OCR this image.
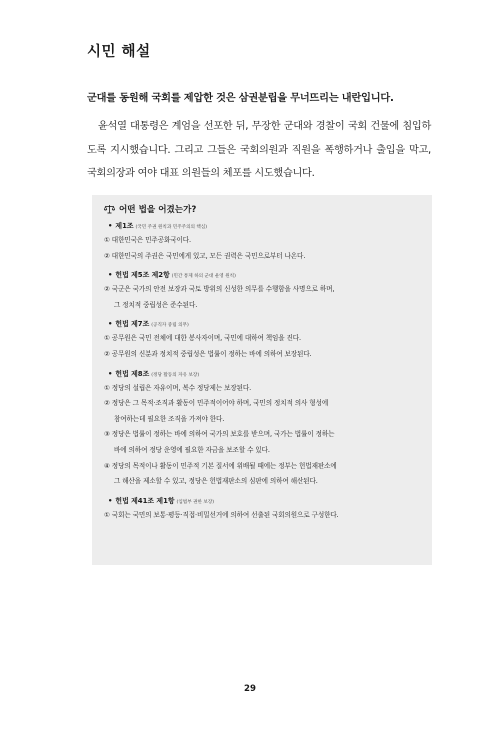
시민 해설
군대를 동원해 국회를 제압한 것은 삼권분립을 무너뜨리는 내란입니다.

윤석열 대통령은 계엄을 선포한 뒤, 무장한 군대와 경찰이 국회 건물에 침입하도록 지시했습니다. 그리고 그들은 국회의원과 직원을 폭행하거나 출입을 막고, 국회의장과 여야 대표 의원들의 체포를 시도했습니다.

어떤 법을 어겼는가?
• 제1조 (국민 주권 원칙과 민주주의의 핵심)
① 대한민국은 민주공화국이다.
② 대한민국의 주권은 국민에게 있고, 모든 권력은 국민으로부터 나온다.
• 헌법 제5조 제2항 (민간 통제 하의 군대 운영 원칙)
② 국군은 국가의 안전 보장과 국토 방위의 신성한 의무를 수행함을 사명으로 하며,
그 정치적 중립성은 준수된다.
• 헌법 제7조 (공직자 중립 의무)
① 공무원은 국민 전체에 대한 봉사자이며, 국민에 대하여 책임을 진다.
② 공무원의 신분과 정치적 중립성은 법률이 정하는 바에 의하여 보장된다.
• 헌법 제8조 (정당 활동의 자유 보장)
① 정당의 설립은 자유이며, 복수 정당제는 보장된다.
② 정당은 그 목적·조직과 활동이 민주적이어야 하며, 국민의 정치적 의사 형성에
참여하는데 필요한 조직을 가져야 한다.
③ 정당은 법률이 정하는 바에 의하여 국가의 보호를 받으며, 국가는 법률이 정하는
바에 의하여 정당 운영에 필요한 자금을 보조할 수 있다.
④ 정당의 목적이나 활동이 민주적 기본 질서에 위배될 때에는 정부는 헌법재판소에
그 해산을 제소할 수 있고, 정당은 헌법재판소의 심판에 의하여 해산된다.
• 헌법 제41조 제1항 (입법부 권한 보장)
① 국회는 국민의 보통·평등·직접·비밀선거에 의하여 선출된 국회의원으로 구성한다.
29
